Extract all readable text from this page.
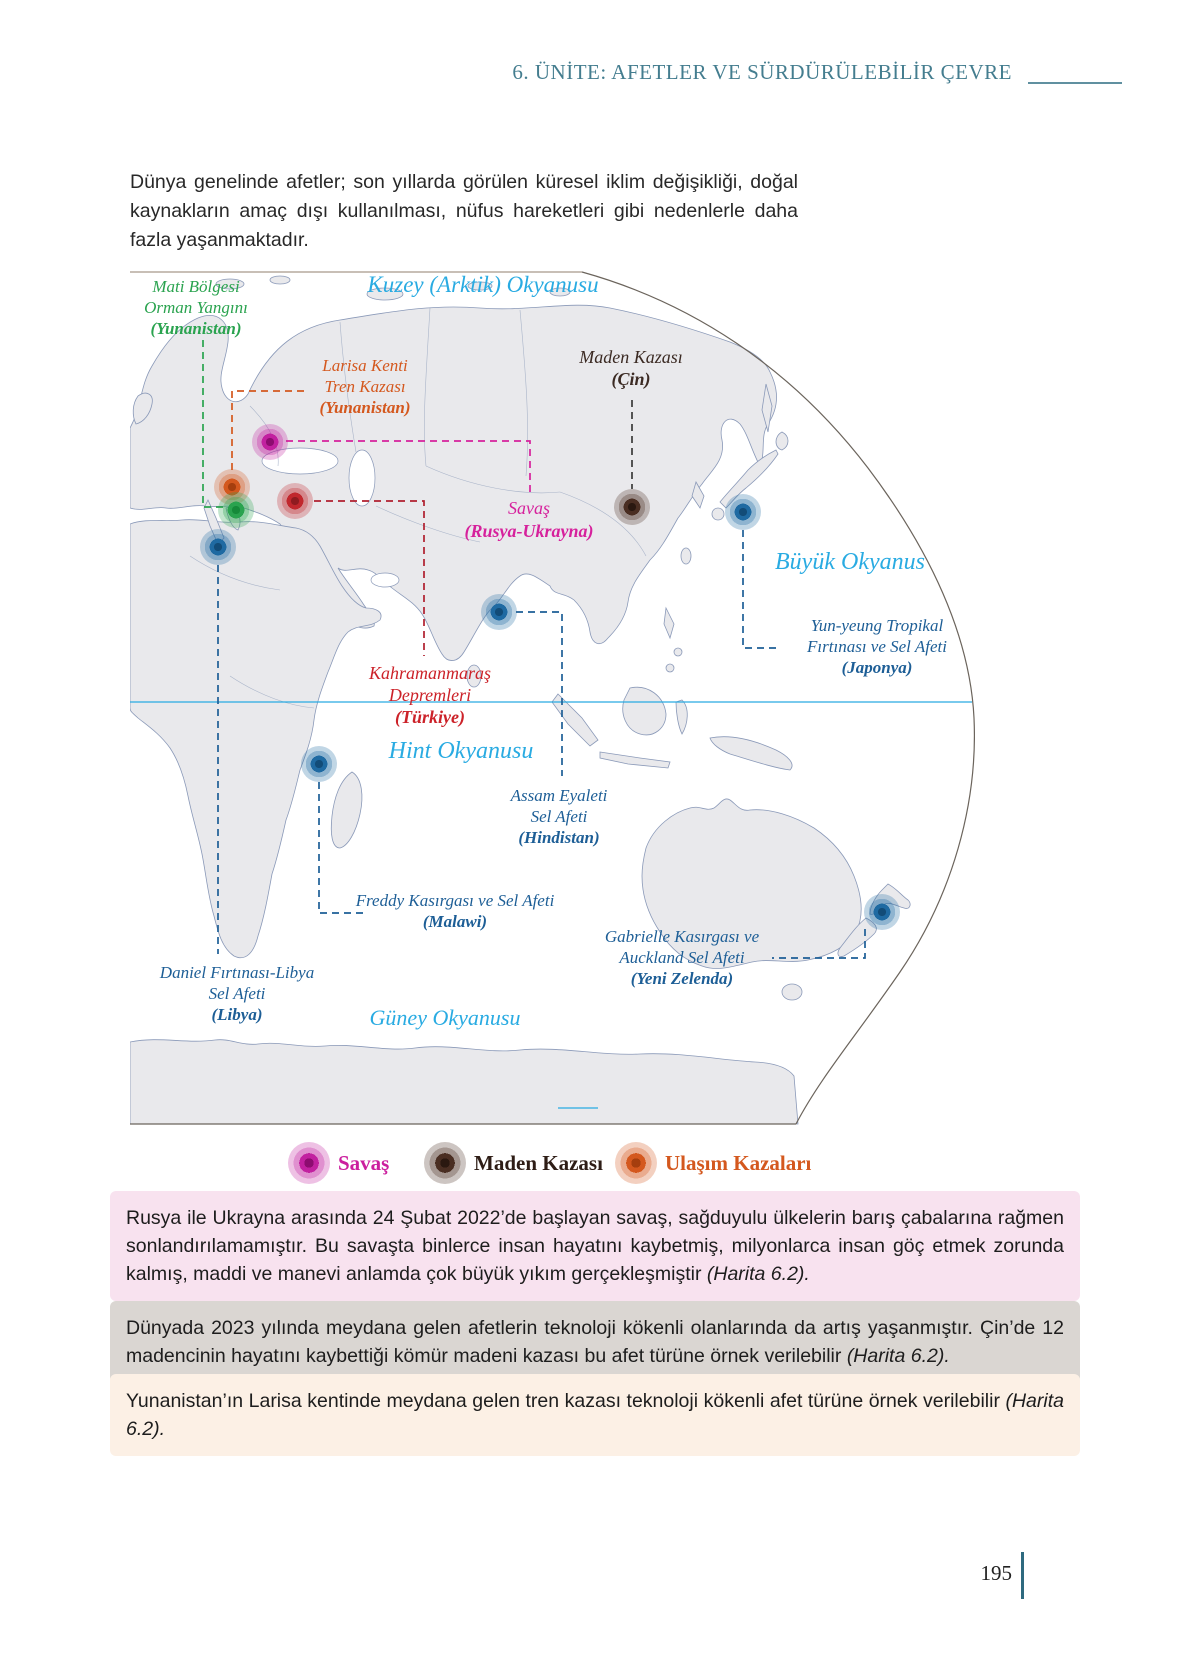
6. ÜNİTE: AFETLER VE SÜRDÜRÜLEBİLİR ÇEVRE
Dünya genelinde afetler; son yıllarda görülen küresel iklim değişikliği, doğal kaynakların amaç dışı kullanılması, nüfus hareketleri gibi nedenlerle daha fazla yaşanmaktadır.
Kuzey (Arktik) Okyanusu
Büyük Okyanus
Hint Okyanusu
Güney Okyanusu
Mati Bölgesi
Orman Yangını
(Yunanistan)
Larisa Kenti
Tren Kazası
(Yunanistan)
Maden Kazası
(Çin)
Savaş
(Rusya-Ukrayna)
Yun-yeung Tropikal
Fırtınası ve Sel Afeti
(Japonya)
Kahramanmaraş
Depremleri
(Türkiye)
Assam Eyaleti
Sel Afeti
(Hindistan)
Freddy Kasırgası ve Sel Afeti
(Malawi)
Daniel Fırtınası-Libya
Sel Afeti
(Libya)
Gabrielle Kasırgası ve
Auckland Sel Afeti
(Yeni Zelenda)
Savaş	Maden Kazası	Ulaşım Kazaları
Rusya ile Ukrayna arasında 24 Şubat 2022’de başlayan savaş, sağduyulu ülkelerin barış çabalarına rağmen sonlandırılamamıştır. Bu savaşta binlerce insan hayatını kaybetmiş, milyonlarca insan göç etmek zorunda kalmış, maddi ve manevi anlamda çok büyük yıkım gerçekleşmiştir (Harita 6.2).
Dünyada 2023 yılında meydana gelen afetlerin teknoloji kökenli olanlarında da artış yaşanmıştır. Çin’de 12 madencinin hayatını kaybettiği kömür madeni kazası bu afet türüne örnek verilebilir (Harita 6.2).
Yunanistan’ın Larisa kentinde meydana gelen tren kazası teknoloji kökenli afet türüne örnek verilebilir (Harita 6.2).
195
